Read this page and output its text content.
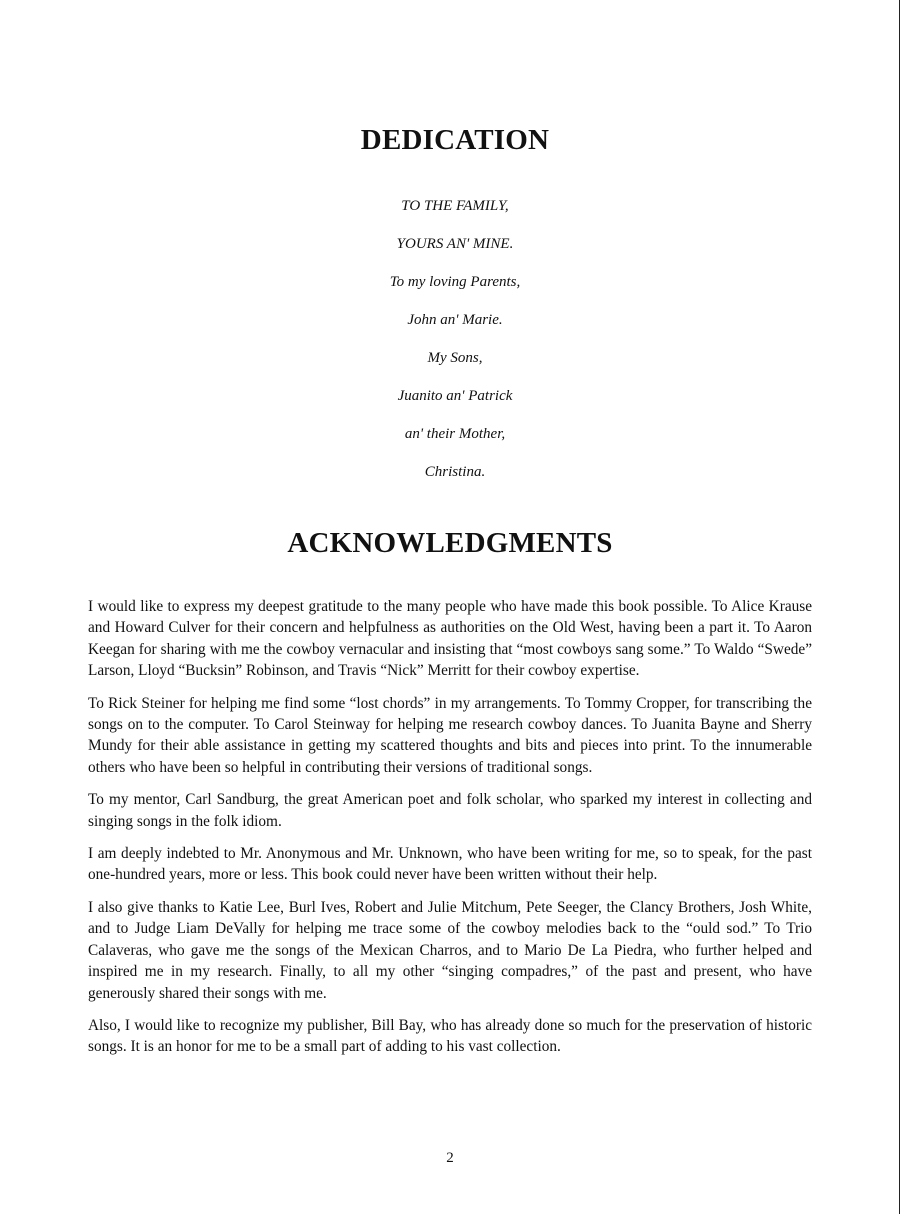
DEDICATION
TO THE FAMILY,
YOURS AN' MINE.
To my loving Parents,
John an' Marie.
My Sons,
Juanito an' Patrick
an' their Mother,
Christina.
ACKNOWLEDGMENTS

I would like to express my deepest gratitude to the many people who have made this book possible. To Alice Krause and Howard Culver for their concern and helpfulness as authorities on the Old West, having been a part it. To Aaron Keegan for sharing with me the cowboy vernacular and insisting that “most cowboys sang some.” To Waldo “Swede” Larson, Lloyd “Bucksin” Robinson, and Travis “Nick” Merritt for their cowboy expertise.

To Rick Steiner for helping me find some “lost chords” in my arrangements. To Tommy Cropper, for transcribing the songs on to the computer. To Carol Steinway for helping me research cowboy dances. To Juanita Bayne and Sherry Mundy for their able assistance in getting my scattered thoughts and bits and pieces into print. To the innumerable others who have been so helpful in contributing their versions of traditional songs.

To my mentor, Carl Sandburg, the great American poet and folk scholar, who sparked my interest in collecting and singing songs in the folk idiom.

I am deeply indebted to Mr. Anonymous and Mr. Unknown, who have been writing for me, so to speak, for the past one-hundred years, more or less. This book could never have been written without their help.

I also give thanks to Katie Lee, Burl Ives, Robert and Julie Mitchum, Pete Seeger, the Clancy Brothers, Josh White, and to Judge Liam DeVally for helping me trace some of the cowboy melodies back to the “ould sod.” To Trio Calaveras, who gave me the songs of the Mexican Charros, and to Mario De La Piedra, who further helped and inspired me in my research. Finally, to all my other “singing compadres,” of the past and present, who have generously shared their songs with me.

Also, I would like to recognize my publisher, Bill Bay, who has already done so much for the preservation of historic songs. It is an honor for me to be a small part of adding to his vast collection.

2
